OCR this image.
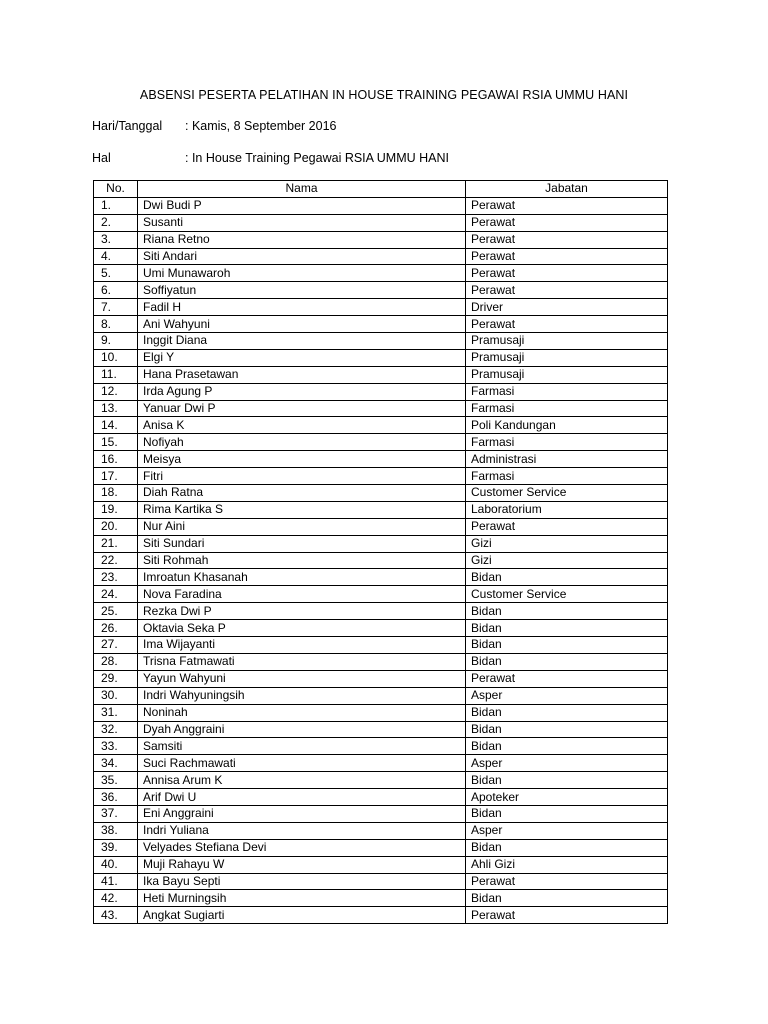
ABSENSI PESERTA PELATIHAN IN HOUSE TRAINING PEGAWAI RSIA UMMU HANI
Hari/Tanggal : Kamis, 8 September 2016
Hal	: In House Training Pegawai RSIA UMMU HANI
No.	Nama	Jabatan
1.	Dwi Budi P	Perawat
2.	Susanti	Perawat
3.	Riana Retno	Perawat
4.	Siti Andari	Perawat
5.	Umi Munawaroh	Perawat
6.	Soffiyatun	Perawat
7.	Fadil H	Driver
8.	Ani Wahyuni	Perawat
9.	Inggit Diana	Pramusaji
10.	Elgi Y	Pramusaji
11.	Hana Prasetawan	Pramusaji
12.	Irda Agung P	Farmasi
13.	Yanuar Dwi P	Farmasi
14.	Anisa K	Poli Kandungan
15.	Nofiyah	Farmasi
16.	Meisya	Administrasi
17.	Fitri	Farmasi
18.	Diah Ratna	Customer Service
19.	Rima Kartika S	Laboratorium
20.	Nur Aini	Perawat
21.	Siti Sundari	Gizi
22.	Siti Rohmah	Gizi
23.	Imroatun Khasanah	Bidan
24.	Nova Faradina	Customer Service
25.	Rezka Dwi P	Bidan
26.	Oktavia Seka P	Bidan
27.	Ima Wijayanti	Bidan
28.	Trisna Fatmawati	Bidan
29.	Yayun Wahyuni	Perawat
30.	Indri Wahyuningsih	Asper
31.	Noninah	Bidan
32.	Dyah Anggraini	Bidan
33.	Samsiti	Bidan
34.	Suci Rachmawati	Asper
35.	Annisa Arum K	Bidan
36.	Arif Dwi U	Apoteker
37.	Eni Anggraini	Bidan
38.	Indri Yuliana	Asper
39.	Velyades Stefiana Devi	Bidan
40.	Muji Rahayu W	Ahli Gizi
41.	Ika Bayu Septi	Perawat
42.	Heti Murningsih	Bidan
43.	Angkat Sugiarti	Perawat
